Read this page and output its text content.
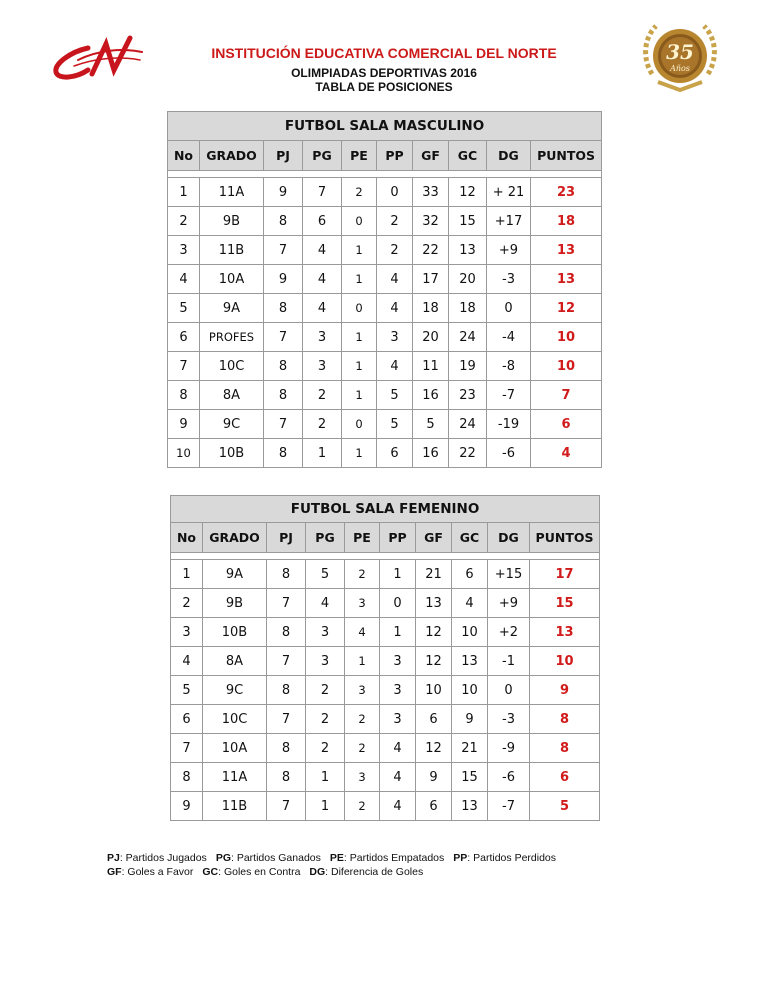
35
Años
INSTITUCIÓN EDUCATIVA COMERCIAL DEL NORTE
OLIMPIADAS DEPORTIVAS 2016
TABLA DE POSICIONES
FUTBOL SALA MASCULINO									
No	GRADO	PJ	PG	PE	PP	GF	GC	DG	PUNTOS

1	11A	9	7	2	0	33	12	+ 21	23
2	9B	8	6	0	2	32	15	+17	18
3	11B	7	4	1	2	22	13	+9	13
4	10A	9	4	1	4	17	20	-3	13
5	9A	8	4	0	4	18	18	0	12
6	PROFES	7	3	1	3	20	24	-4	10
7	10C	8	3	1	4	11	19	-8	10
8	8A	8	2	1	5	16	23	-7	7
9	9C	7	2	0	5	5	24	-19	6
10	10B	8	1	1	6	16	22	-6	4
FUTBOL SALA FEMENINO									
No	GRADO	PJ	PG	PE	PP	GF	GC	DG	PUNTOS

1	9A	8	5	2	1	21	6	+15	17
2	9B	7	4	3	0	13	4	+9	15
3	10B	8	3	4	1	12	10	+2	13
4	8A	7	3	1	3	12	13	-1	10
5	9C	8	2	3	3	10	10	0	9
6	10C	7	2	2	3	6	9	-3	8
7	10A	8	2	2	4	12	21	-9	8
8	11A	8	1	3	4	9	15	-6	6
9	11B	7	1	2	4	6	13	-7	5
PJ: Partidos Jugados PG: Partidos Ganados PE: Partidos Empatados PP: Partidos Perdidos
GF: Goles a Favor GC: Goles en Contra DG: Diferencia de Goles
